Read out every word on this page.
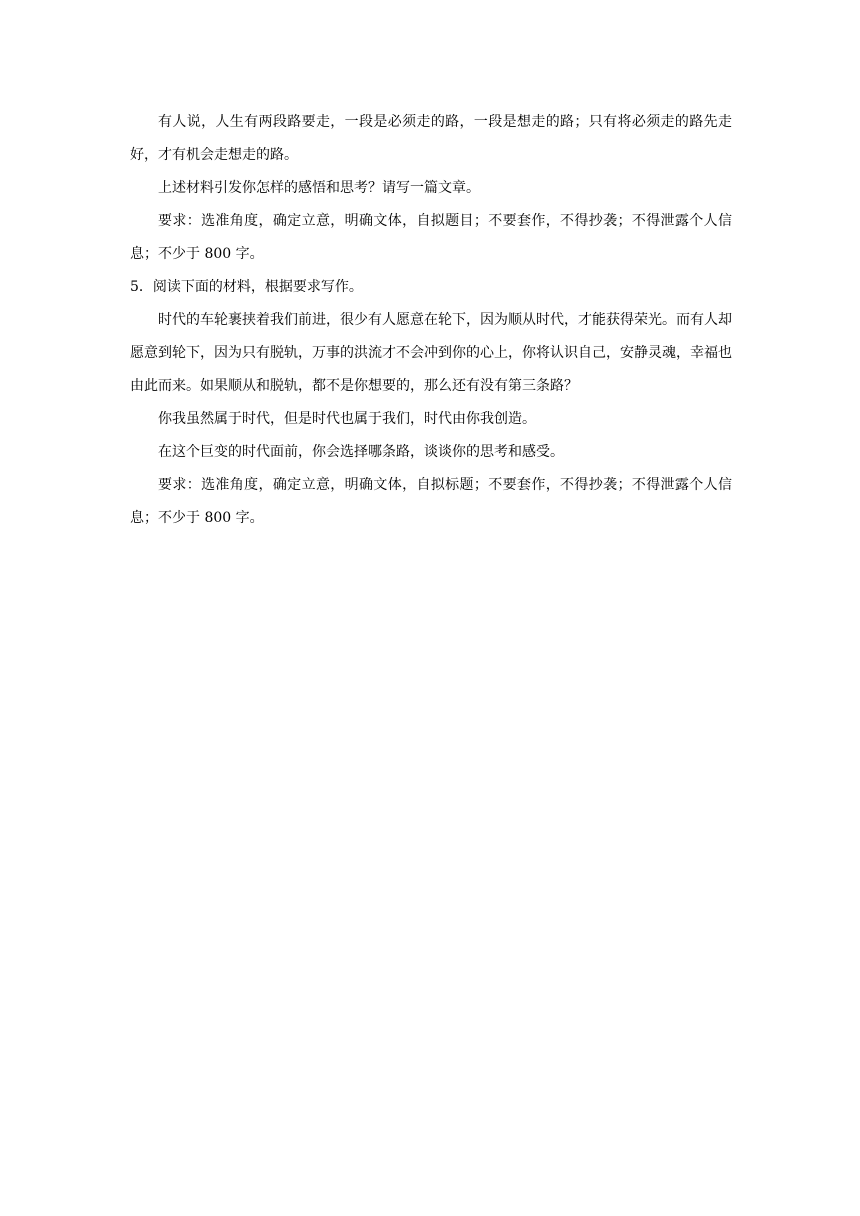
有人说，人生有两段路要走，一段是必须走的路，一段是想走的路；只有将必须走的路先走好，才有机会走想走的路。

上述材料引发你怎样的感悟和思考？请写一篇文章。

要求：选准角度，确定立意，明确文体，自拟题目；不要套作，不得抄袭；不得泄露个人信息；不少于 800 字。

5．阅读下面的材料，根据要求写作。

时代的车轮裹挟着我们前进，很少有人愿意在轮下，因为顺从时代，才能获得荣光。而有人却愿意到轮下，因为只有脱轨，万事的洪流才不会冲到你的心上，你将认识自己，安静灵魂，幸福也由此而来。如果顺从和脱轨，都不是你想要的，那么还有没有第三条路？

你我虽然属于时代，但是时代也属于我们，时代由你我创造。

在这个巨变的时代面前，你会选择哪条路，谈谈你的思考和感受。

要求：选准角度，确定立意，明确文体，自拟标题；不要套作，不得抄袭；不得泄露个人信息；不少于 800 字。
